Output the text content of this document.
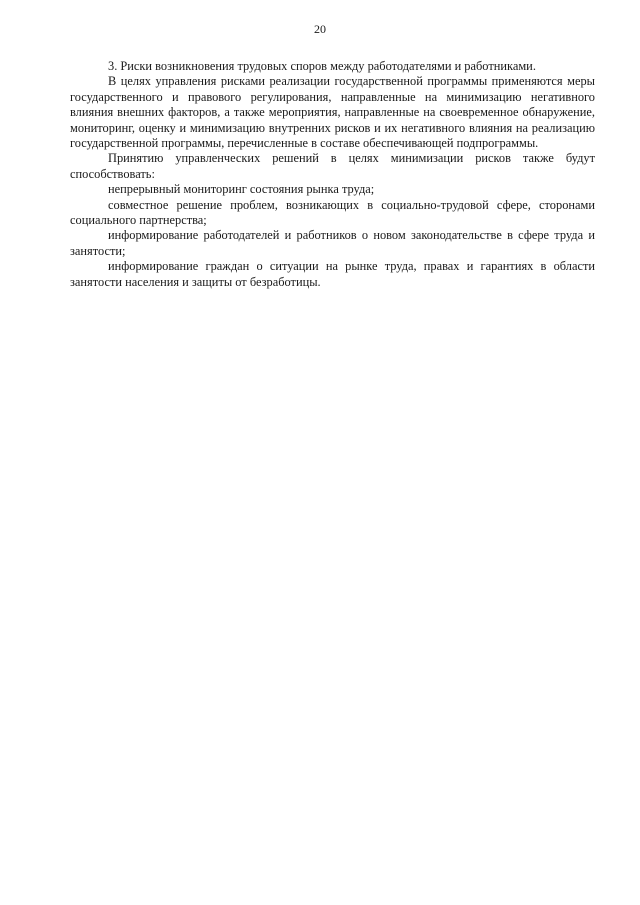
20

3. Риски возникновения трудовых споров между работодателями и работниками.

В целях управления рисками реализации государственной программы применяются меры государственного и правового регулирования, направленные на минимизацию негативного влияния внешних факторов, а также мероприятия, направленные на своевременное обнаружение, мониторинг, оценку и минимизацию внутренних рисков и их негативного влияния на реализацию государственной программы, перечисленные в составе обеспечивающей подпрограммы.

Принятию управленческих решений в целях минимизации рисков также будут способствовать:

непрерывный мониторинг состояния рынка труда;

совместное решение проблем, возникающих в социально-трудовой сфере, сторонами социального партнерства;

информирование работодателей и работников о новом законодательстве в сфере труда и занятости;

информирование граждан о ситуации на рынке труда, правах и гарантиях в области занятости населения и защиты от безработицы.
